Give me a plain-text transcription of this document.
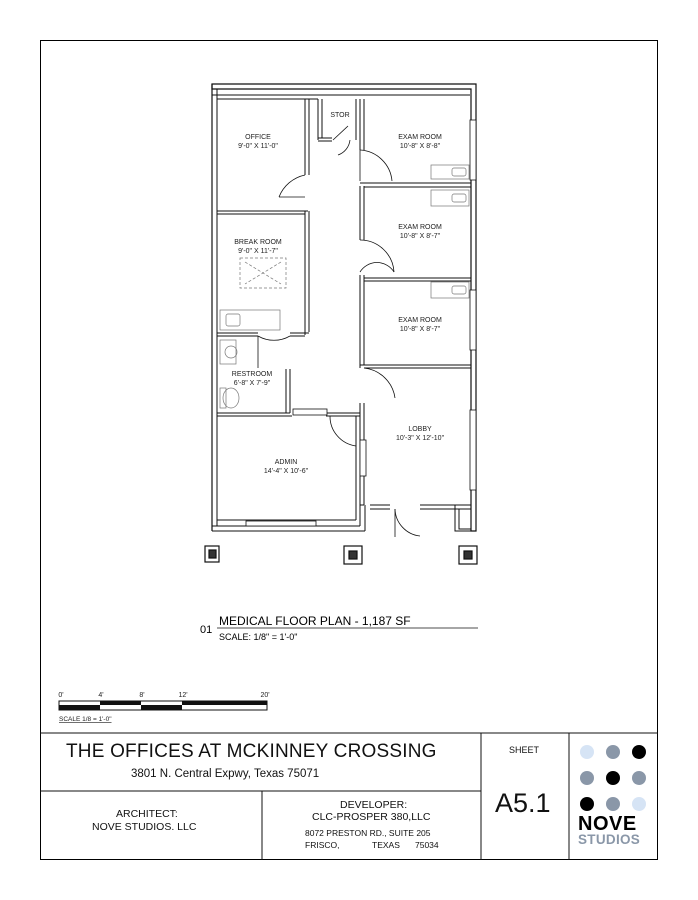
OFFICE
9'-0" X 11'-0"
STOR
EXAM ROOM
10'-8" X 8'-8"
EXAM ROOM
10'-8" X 8'-7"
BREAK ROOM
9'-0" X 11'-7"
EXAM ROOM
10'-8" X 8'-7"
RESTROOM
6'-8" X 7'-9"
LOBBY
10'-3" X 12'-10"
ADMIN
14'-4" X 10'-6"
01
MEDICAL FLOOR PLAN - 1,187 SF
SCALE: 1/8" = 1'-0"
0'	4'	8'	12'	20'
SCALE 1/8 = 1'-0"
THE OFFICES AT MCKINNEY CROSSING
3801 N. Central Expwy, Texas 75071
ARCHITECT:
NOVE STUDIOS. LLC
DEVELOPER:
CLC-PROSPER 380,LLC
8072 PRESTON RD., SUITE 205
FRISCO,	TEXAS 75034
SHEET
A5.1
NOVE
STUDIOS
